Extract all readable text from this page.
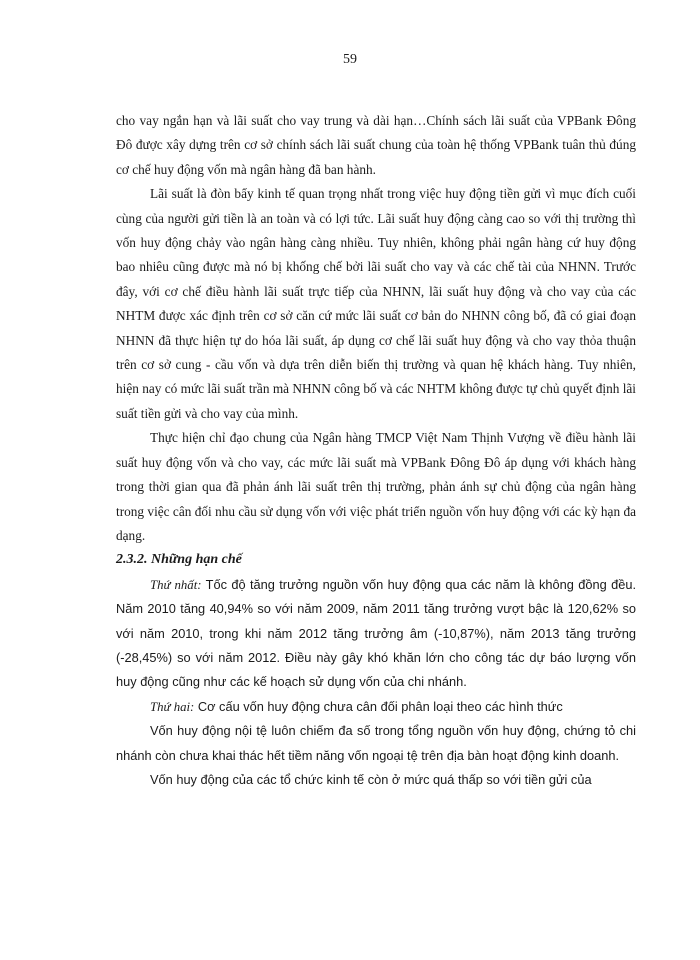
59

cho vay ngắn hạn và lãi suất cho vay trung và dài hạn…Chính sách lãi suất của VPBank Đông Đô được xây dựng trên cơ sở chính sách lãi suất chung của toàn hệ thống VPBank tuân thủ đúng cơ chế huy động vốn mà ngân hàng đã ban hành.

Lãi suất là đòn bẩy kinh tế quan trọng nhất trong việc huy động tiền gửi vì mục đích cuối cùng của người gửi tiền là an toàn và có lợi tức. Lãi suất huy động càng cao so với thị trường thì vốn huy động chảy vào ngân hàng càng nhiều. Tuy nhiên, không phải ngân hàng cứ huy động bao nhiêu cũng được mà nó bị khống chế bởi lãi suất cho vay và các chế tài của NHNN. Trước đây, với cơ chế điều hành lãi suất trực tiếp của NHNN, lãi suất huy động và cho vay của các NHTM được xác định trên cơ sở căn cứ mức lãi suất cơ bản do NHNN công bố, đã có giai đoạn NHNN đã thực hiện tự do hóa lãi suất, áp dụng cơ chế lãi suất huy động và cho vay thỏa thuận trên cơ sở cung - cầu vốn và dựa trên diễn biến thị trường và quan hệ khách hàng. Tuy nhiên, hiện nay có mức lãi suất trần mà NHNN công bố và các NHTM không được tự chủ quyết định lãi suất tiền gửi và cho vay của mình.

Thực hiện chỉ đạo chung của Ngân hàng TMCP Việt Nam Thịnh Vượng về điều hành lãi suất huy động vốn và cho vay, các mức lãi suất mà VPBank Đông Đô áp dụng với khách hàng trong thời gian qua đã phản ánh lãi suất trên thị trường, phản ánh sự chủ động của ngân hàng trong việc cân đối nhu cầu sử dụng vốn với việc phát triển nguồn vốn huy động với các kỳ hạn đa dạng.

2.3.2. Những hạn chế

Thứ nhất: Tốc độ tăng trưởng nguồn vốn huy động qua các năm là không đồng đều. Năm 2010 tăng 40,94% so với năm 2009, năm 2011 tăng trưởng vượt bậc là 120,62% so với năm 2010, trong khi năm 2012 tăng trưởng âm (-10,87%), năm 2013 tăng trưởng (-28,45%) so với năm 2012. Điều này gây khó khăn lớn cho công tác dự báo lượng vốn huy động cũng như các kế hoạch sử dụng vốn của chi nhánh.

Thứ hai: Cơ cấu vốn huy động chưa cân đối phân loại theo các hình thức

Vốn huy động nội tệ luôn chiếm đa số trong tổng nguồn vốn huy động, chứng tỏ chi nhánh còn chưa khai thác hết tiềm năng vốn ngoại tệ trên địa bàn hoạt động kinh doanh.

Vốn huy động của các tổ chức kinh tế còn ở mức quá thấp so với tiền gửi của
